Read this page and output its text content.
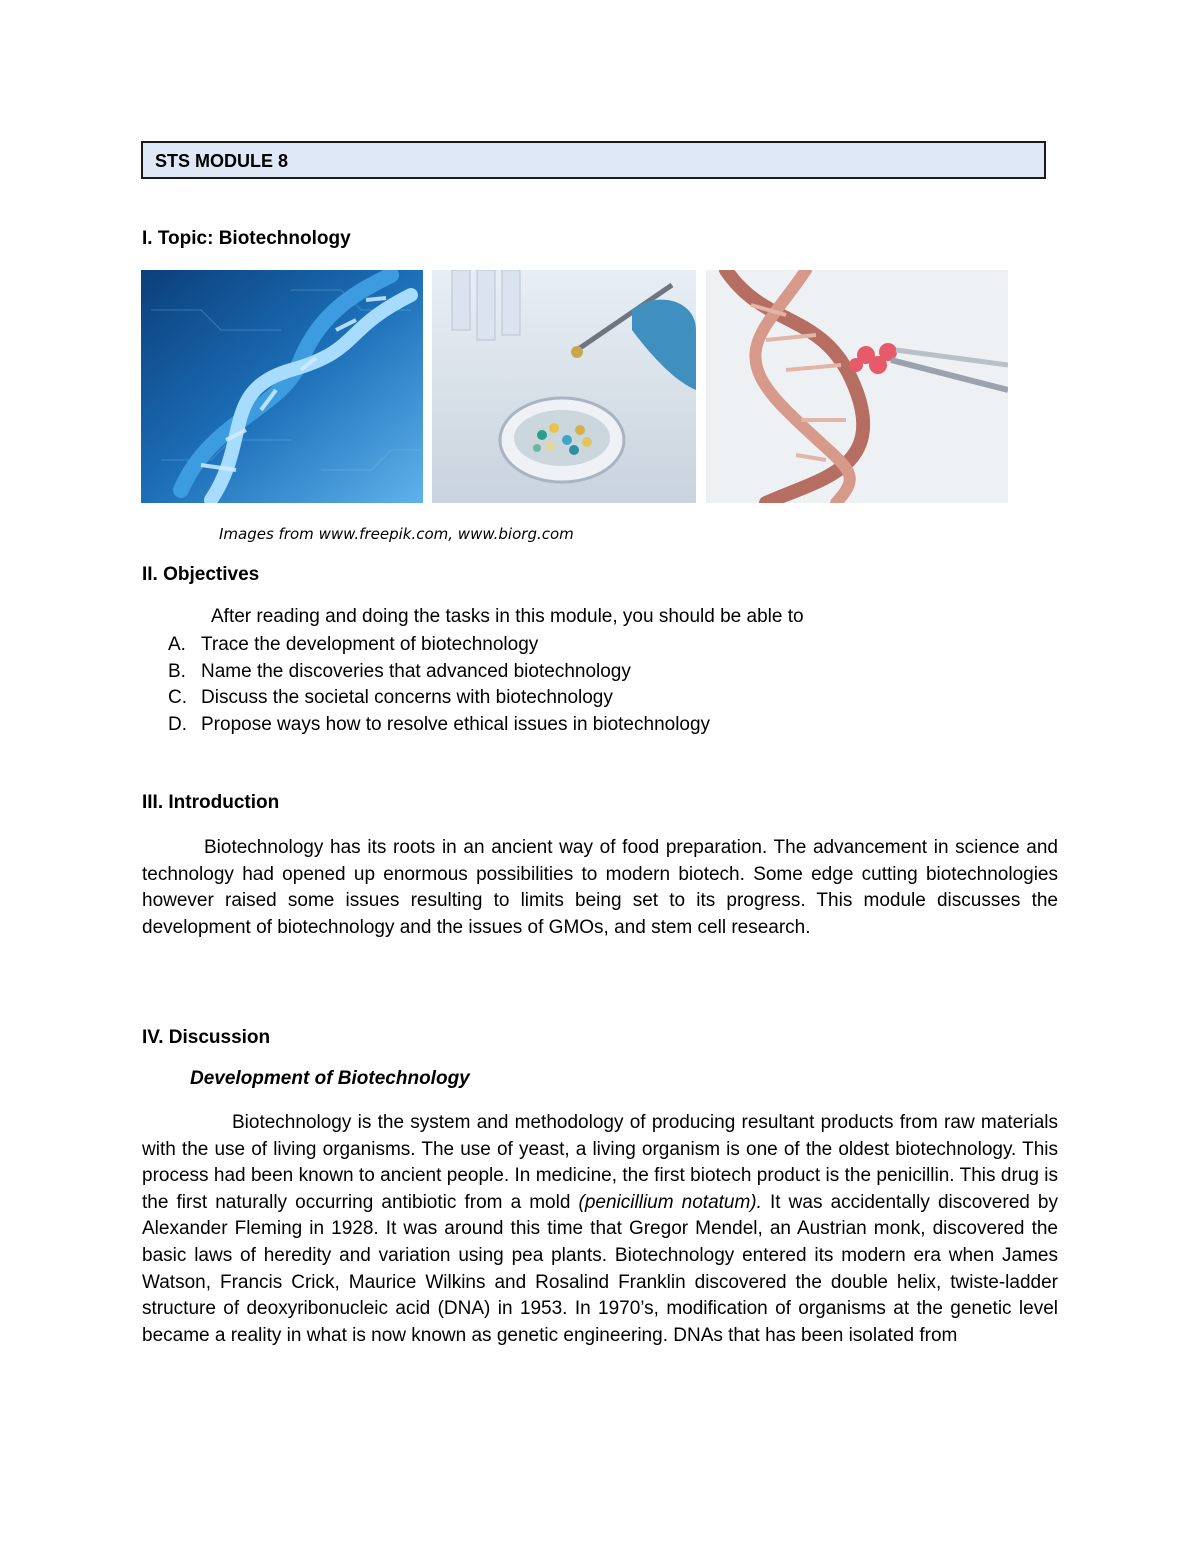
STS MODULE 8
I. Topic: Biotechnology
Images from www.freepik.com, www.biorg.com
II. Objectives
After reading and doing the tasks in this module, you should be able to
A. Trace the development of biotechnology
B. Name the discoveries that advanced biotechnology
C. Discuss the societal concerns with biotechnology
D. Propose ways how to resolve ethical issues in biotechnology
III. Introduction

Biotechnology has its roots in an ancient way of food preparation. The advancement in science and technology had opened up enormous possibilities to modern biotech. Some edge cutting biotechnologies however raised some issues resulting to limits being set to its progress. This module discusses the development of biotechnology and the issues of GMOs, and stem cell research.

IV. Discussion
Development of Biotechnology

Biotechnology is the system and methodology of producing resultant products from raw materials with the use of living organisms. The use of yeast, a living organism is one of the oldest biotechnology. This process had been known to ancient people. In medicine, the first biotech product is the penicillin. This drug is the first naturally occurring antibiotic from a mold (penicillium notatum). It was accidentally discovered by Alexander Fleming in 1928. It was around this time that Gregor Mendel, an Austrian monk, discovered the basic laws of heredity and variation using pea plants. Biotechnology entered its modern era when James Watson, Francis Crick, Maurice Wilkins and Rosalind Franklin discovered the double helix, twiste-ladder structure of deoxyribonucleic acid (DNA) in 1953. In 1970’s, modification of organisms at the genetic level became a reality in what is now known as genetic engineering. DNAs that has been isolated from
